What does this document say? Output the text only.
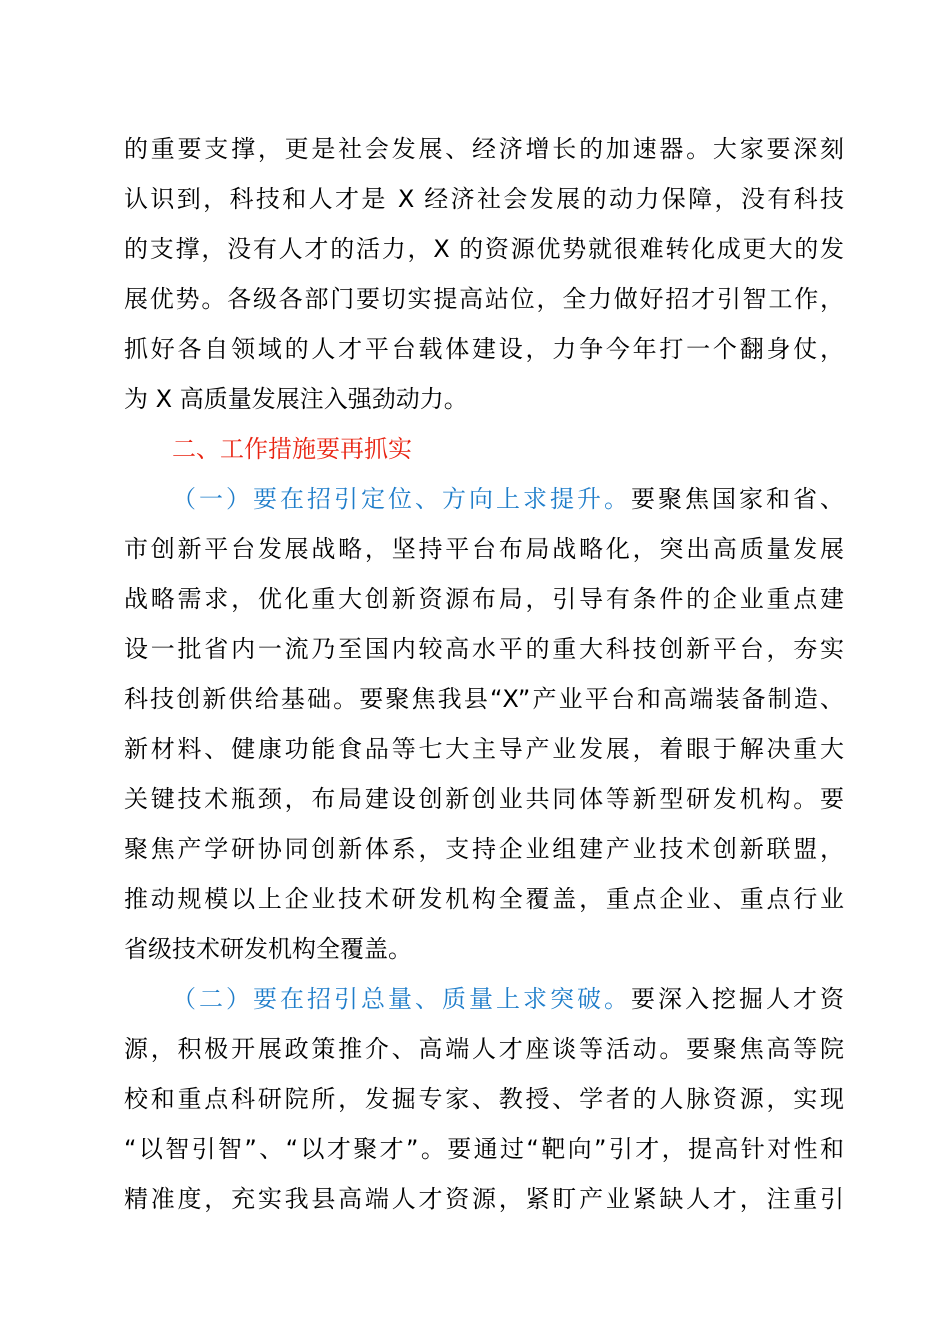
的重要支撑，更是社会发展、经济增长的加速器。大家要深刻
认识到，科技和人才是 X 经济社会发展的动力保障，没有科技
的支撑，没有人才的活力，X 的资源优势就很难转化成更大的发
展优势。各级各部门要切实提高站位，全力做好招才引智工作，
抓好各自领域的人才平台载体建设，力争今年打一个翻身仗，
为 X 高质量发展注入强劲动力。
二、工作措施要再抓实
（一）要在招引定位、方向上求提升。要聚焦国家和省、
市创新平台发展战略，坚持平台布局战略化，突出高质量发展
战略需求，优化重大创新资源布局，引导有条件的企业重点建
设一批省内一流乃至国内较高水平的重大科技创新平台，夯实
科技创新供给基础。要聚焦我县“X”产业平台和高端装备制造、
新材料、健康功能食品等七大主导产业发展，着眼于解决重大
关键技术瓶颈，布局建设创新创业共同体等新型研发机构。要
聚焦产学研协同创新体系，支持企业组建产业技术创新联盟，
推动规模以上企业技术研发机构全覆盖，重点企业、重点行业
省级技术研发机构全覆盖。
（二）要在招引总量、质量上求突破。要深入挖掘人才资
源，积极开展政策推介、高端人才座谈等活动。要聚焦高等院
校和重点科研院所，发掘专家、教授、学者的人脉资源，实现
“以智引智”、“以才聚才”。要通过“靶向”引才，提高针对性和
精准度，充实我县高端人才资源，紧盯产业紧缺人才，注重引
